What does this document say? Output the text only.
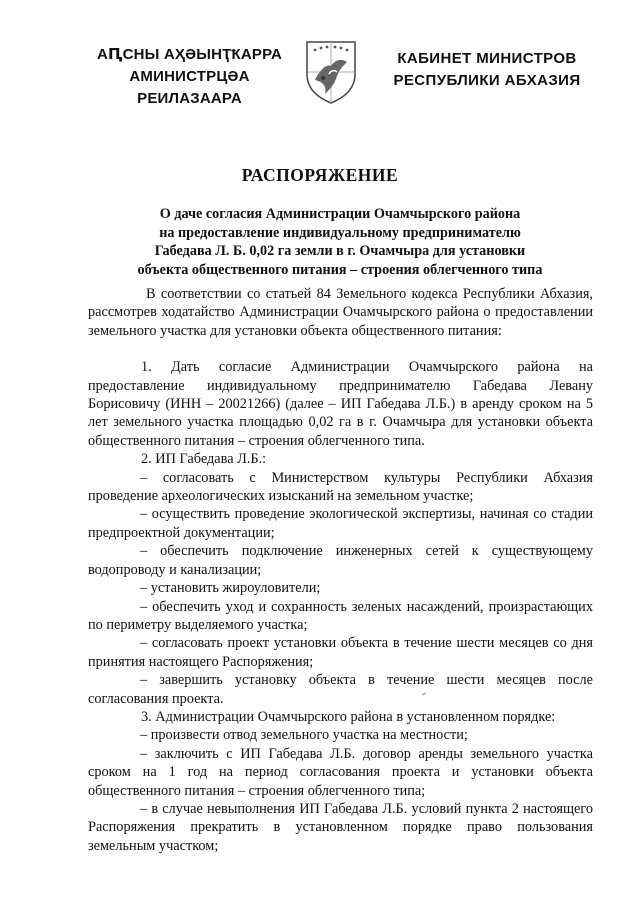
АԤСНЫ АҲӘЫНҬҞАРРА
АМИНИСТРЦӘА РЕИЛАЗААРА
КАБИНЕТ МИНИСТРОВ
РЕСПУБЛИКИ АБХАЗИЯ
РАСПОРЯЖЕНИЕ
О даче согласия Администрации Очамчырского района
на предоставление индивидуальному предпринимателю
Габедава Л. Б. 0,02 га земли в г. Очамчыра для установки
объекта общественного питания – строения облегченного типа

В соответствии со статьей 84 Земельного кодекса Республики Абхазия, рассмотрев ходатайство Администрации Очамчырского района о предоставлении земельного участка для установки объекта общественного питания:

1. Дать согласие Администрации Очамчырского района на предоставление индивидуальному предпринимателю Габедава Левану Борисовичу (ИНН – 20021266) (далее – ИП Габедава Л.Б.) в аренду сроком на 5 лет земельного участка площадью 0,02 га в г. Очамчыра для установки объекта общественного питания – строения облегченного типа.

2. ИП Габедава Л.Б.:

– согласовать с Министерством культуры Республики Абхазия проведение археологических изысканий на земельном участке;

– осуществить проведение экологической экспертизы, начиная со стадии предпроектной документации;

– обеспечить подключение инженерных сетей к существующему водопроводу и канализации;

– установить жироуловители;

– обеспечить уход и сохранность зеленых насаждений, произрастающих по периметру выделяемого участка;

– согласовать проект установки объекта в течение шести месяцев со дня принятия настоящего Распоряжения;

– завершить установку объекта в течение шести месяцев после согласования проекта.

3. Администрации Очамчырского района в установленном порядке:

– произвести отвод земельного участка на местности;

– заключить с ИП Габедава Л.Б. договор аренды земельного участка сроком на 1 год на период согласования проекта и установки объекта общественного питания – строения облегченного типа;

– в случае невыполнения ИП Габедава Л.Б. условий пункта 2 настоящего Распоряжения прекратить в установленном порядке право пользования земельным участком;
